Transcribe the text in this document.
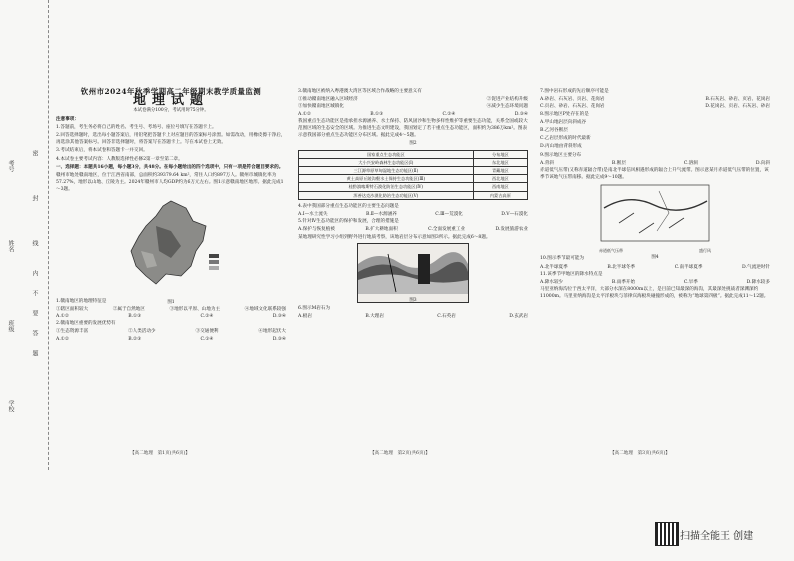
考号
姓名
密
封
线
内
不
要
答
题
班级
学校
钦州市2024年秋季学期高二年级期末教学质量监测
地理试题

本试卷满分100分，考试用时75分钟。

注意事项：

1.答题前，考生务必将自己的姓名、考生号、考场号、座位号填写在答题卡上。

2.回答选择题时，选出每小题答案后，用铅笔把答题卡上对应题目的答案标号涂黑。如需改动，用橡皮擦干净后，再选涂其他答案标号。回答非选择题时，将答案写在答题卡上。写在本试卷上无效。

3.考试结束后，将本试卷和答题卡一并交回。

4.本试卷主要考试内容：人教版选择性必修2第一章至第二章。

一、选择题：本题共16小题，每小题3分，共48分。在每小题给出的四个选项中，只有一项是符合题目要求的。

赣州市地处赣南地区，位于江西省南部，总面积约39379.64 km²，常住人口约897万人。赣州市城镇化率为57.27%，地形以山地、丘陵为主。2024年赣州市人均GDP约为6万元左右。图1示意赣南地区地形。据此完成1～3题。

图1

1.赣南地区的地理特征是

①辖区面积较大	②属于自然地区	③地形以平原、山地为主	④地域文化联系较强
A.①②	B.①③	C.②④	D.③④

2.赣南地区重要的发展优势有

①生态资源丰富	②人类活动少	③交通便利	④地形起伏大
A.①②	B.②③	C.①④	D.③④
【高二地理　第1页(共6页)】

3.赣南地区被纳入粤港澳大湾区等区域合作战略的主要意义有

①推动赣南地区融入区域经济	②促进产业结构升级
③加快赣南地区城镇化	④减少生态环境问题
A.①②	B.①③	C.②④	D.③④

我国重点生态功能区是指承担水源涵养、水土保持、防风固沙和生物多样性维护等重要生态功能，关系全国或较大范围区域的生态安全的区域。为推进生态文明建设，我国划定了若干重点生态功能区，面积约为386万km²。图表示意我国部分重点生态功能区分布区域。据此完成4～5题。

图2
国家重点生态功能区	分布地区
大小兴安岭森林生态功能区(Ⅰ)	东北地区
三江源草原草甸湿地生态功能区(Ⅱ)	青藏地区
黄土高原丘陵沟壑水土保持生态功能区(Ⅲ)	西北地区
桂黔滇喀斯特石漠化防治生态功能区(Ⅳ)	西南地区
浑善达克沙漠化防治生态功能区(Ⅴ)	内蒙古高原

4.表中我国部分重点生态功能区的主要生态问题是

A.Ⅰ—水土流失	B.Ⅱ—水源涵养	C.Ⅲ—荒漠化	D.Ⅴ—石漠化

5.针对Ⅳ生态功能区的保护和发展，合理的措施是

A.保护与恢复植被	B.扩大耕地面积	C.全面发展重工业	D.发展旅游农业

某地理研究性学习小组到野外进行地质考察，该地岩层分布示意如图3所示。据此完成6～8题。

图3

6.图示M岩石为

A.板岩	B.大理岩	C.石英岩	D.玄武岩
【高二地理　第2页(共6页)】

7.图中岩石形成的先后顺序可能是

A.砂岩、石灰岩、页岩、花岗岩	B.石灰岩、砂岩、页岩、花岗岩
C.页岩、砂岩、石灰岩、花岗岩	D.花岗岩、页岩、石灰岩、砂岩

8.图示地区P处存在的是

A.甲山地岩层向斜成谷

B.乙河谷断层

C.乙岩层形成的时代最新

D.丙山地由背斜形成

9.图示地区主要分布

A.背斜	B.断层	C.溶洞	D.向斜

赤道低气压带(又称赤道辐合带)是南北半球信风相遇形成的辐合上升气流带。图示意某月赤道低气压带的位置，该季节该地气压带南移。据此完成9～10题。

赤道低气压带	盛行风
图4

10.图示季节最可能为

A.北半球夏季	B.北半球冬季	C.南半球夏季	D.气流逆时针

11.该季节甲地区的降水特点是

A.降水较少	B.雨季开始	C.旱季	D.降水较多

马里亚纳海沟位于西太平洋，大部分水深在8000m以上，是目前已知最深的海沟，其最深处挑战者深渊深约11000m。马里亚纳海沟是太平洋板块与菲律宾海板块碰撞形成的，被称为“地球第四极”。据此完成11～12题。

【高二地理　第3页(共6页)】
扫描全能王 创建
